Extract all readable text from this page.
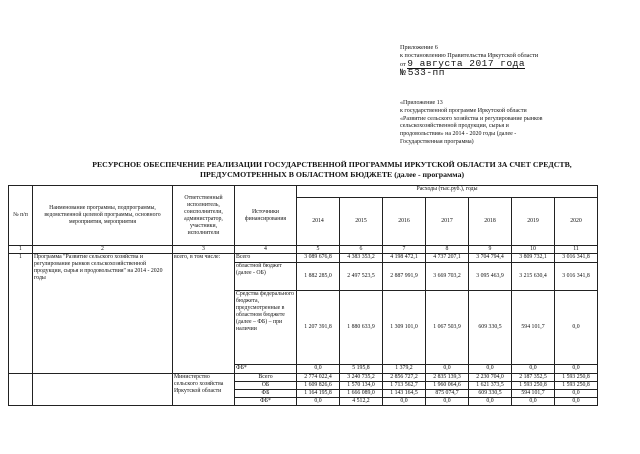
Приложение 6
к постановлению Правительства Иркутской области
от 9 августа 2017 года
№ 533-пп
«Приложение 13
к государственной программе Иркутской области
«Развитие сельского хозяйства и регулирование рынков
сельскохозяйственной продукции, сырья и
продовольствия» на 2014 - 2020 годы (далее -
Государственная программа)
РЕСУРСНОЕ ОБЕСПЕЧЕНИЕ РЕАЛИЗАЦИИ ГОСУДАРСТВЕННОЙ ПРОГРАММЫ ИРКУТСКОЙ ОБЛАСТИ ЗА СЧЕТ СРЕДСТВ,
ПРЕДУСМОТРЕННЫХ В ОБЛАСТНОМ БЮДЖЕТЕ (далее - программа)
№ п/п	Наименование программы, подпрограммы, ведомственной целевой программы, основного мероприятия, мероприятия	Ответственный исполнитель, соисполнители, администратор, участники, исполнители	Источники финансирования	Расходы (тыс.руб.), годы						
				2014	2015	2016	2017	2018	2019	2020
1	2	3	4	5	6	7	8	9	10	11
1	Программа "Развитие сельского хозяйства и регулирование рынков сельскохозяйственной продукции, сырья и продовольствия" на 2014 - 2020 годы	всего, в том числе:	Всего	3 089 676,8	4 383 353,2	4 198 472,1	4 737 207,1	3 704 794,4	3 809 732,1	3 016 341,8
			областной бюджет (далее - ОБ)	1 882 285,0	2 497 523,5	2 887 991,9	3 669 703,2	3 095 463,9	3 215 630,4	3 016 341,8
			Средства федерального бюджета, предусмотренные в областном бюджете (далее – ФБ) – при наличии	1 207 391,8	1 880 633,9	1 309 101,0	1 067 503,9	609 330,5	594 101,7	0,0
			ФБ*	0,0	5 195,8	1 379,2	0,0	0,0	0,0	0,0
		Министерство сельского хозяйства Иркутской области	Всего	2 774 022,4	3 240 735,2	2 856 727,2	2 835 139,3	2 230 704,0	2 187 352,5	1 593 250,8
			ОБ	1 609 826,6	1 570 134,0	1 713 562,7	1 960 064,6	1 621 373,5	1 593 250,8	1 593 250,8
			ФБ	1 164 195,8	1 666 089,0	1 143 164,5	875 074,7	609 330,5	594 101,7	0,0
			ФБ*	0,0	4 512,2	0,0	0,0	0,0	0,0	0,0
